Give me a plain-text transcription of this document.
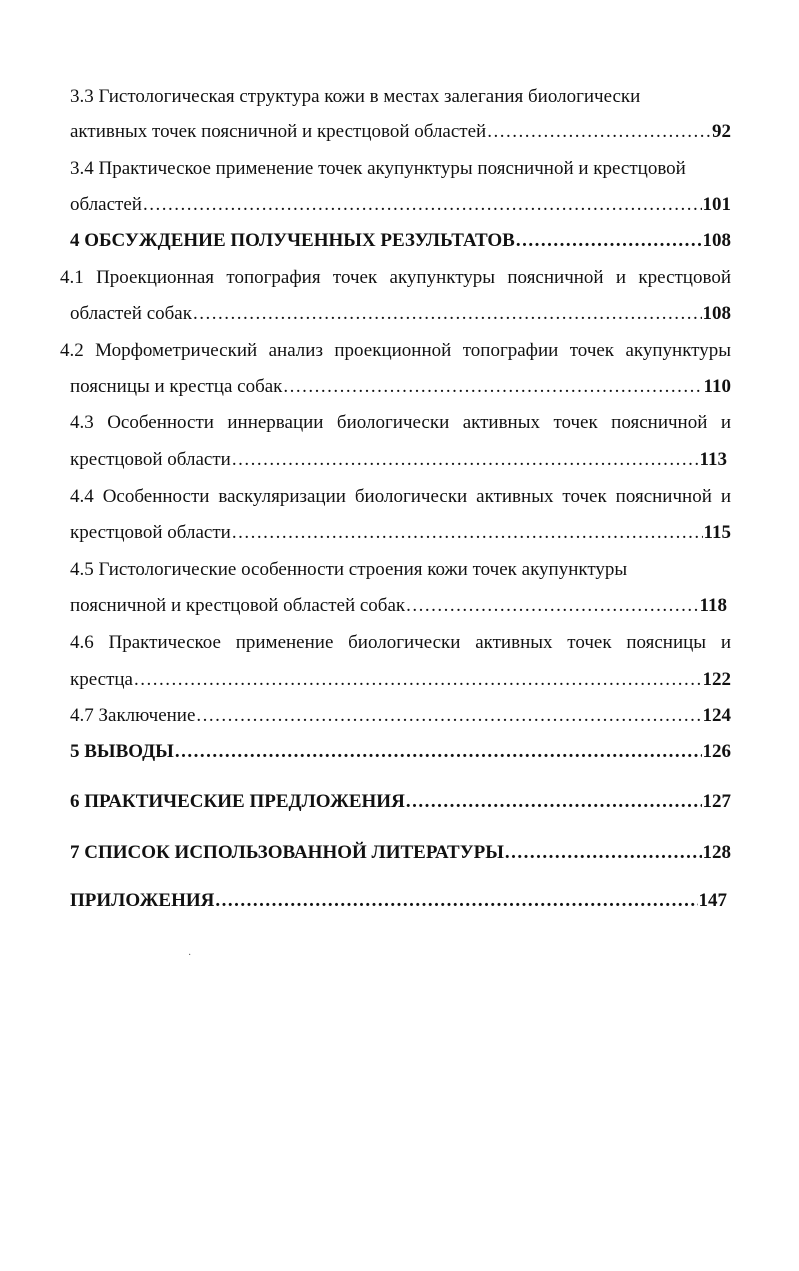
3.3 Гистологическая структура кожи в местах залегания биологически
активных точек поясничной и крестцовой областей .....	92
3.4 Практическое применение точек акупунктуры поясничной и крестцовой
областей .....	101
4 ОБСУЖДЕНИЕ ПОЛУЧЕННЫХ РЕЗУЛЬТАТОВ .....	108
4.1 Проекционная топография точек акупунктуры поясничной и крестцовой
областей собак .....	108
4.2 Морфометрический анализ проекционной топографии точек акупунктуры
поясницы и крестца собак .....	110
4.3 Особенности иннервации биологически активных точек поясничной и
крестцовой области .....	113
4.4 Особенности васкуляризации биологически активных точек поясничной и
крестцовой области .....	115
4.5 Гистологические особенности строения кожи точек акупунктуры
поясничной и крестцовой областей собак .....	118
4.6 Практическое применение биологически активных точек поясницы и
крестца .....	122
4.7 Заключение .....	124
5 ВЫВОДЫ .....	126
6 ПРАКТИЧЕСКИЕ ПРЕДЛОЖЕНИЯ .....	127
7 СПИСОК ИСПОЛЬЗОВАННОЙ ЛИТЕРАТУРЫ .....	128
ПРИЛОЖЕНИЯ .....	147
·
